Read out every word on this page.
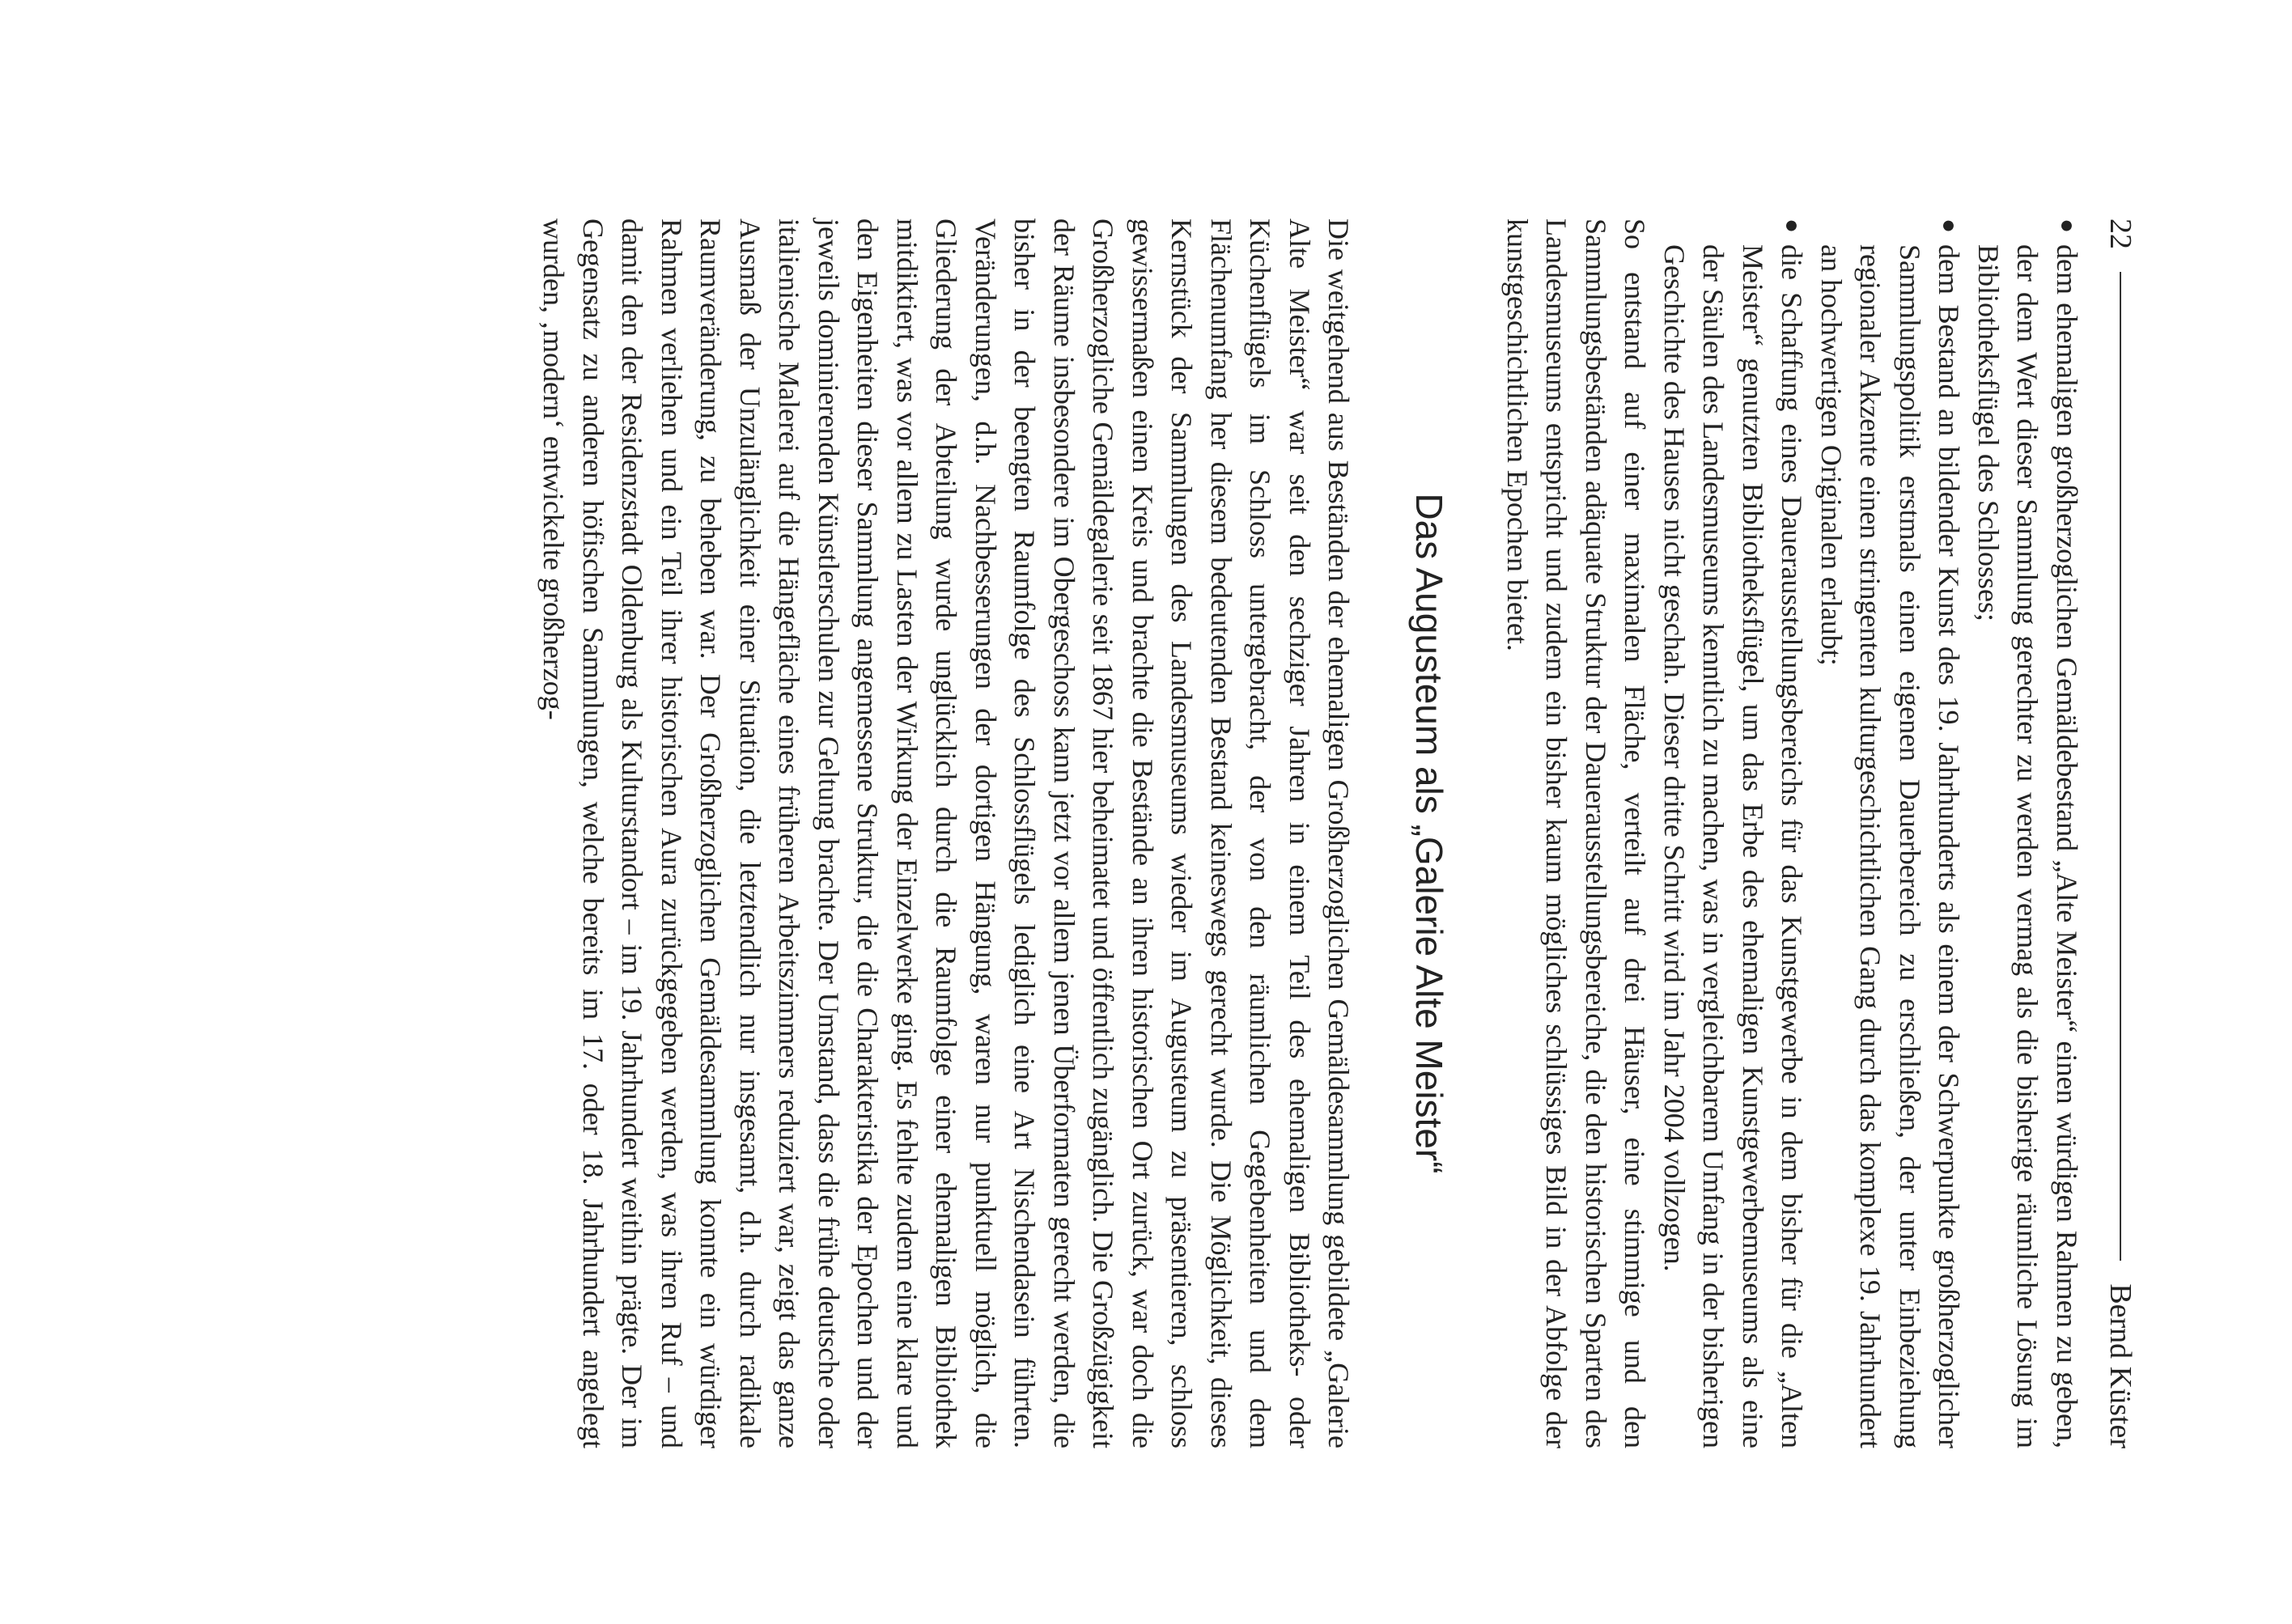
22
Bernd Küster
●
dem ehemaligen großherzoglichen Gemäldebestand „Alte Meister“ einen würdigen Rahmen zu geben, der dem Wert dieser Sammlung gerechter zu werden vermag als die bisherige räumliche Lösung im Bibliotheksflügel des Schlosses;
●
dem Bestand an bildender Kunst des 19. Jahrhunderts als einem der Schwerpunkte großherzoglicher Sammlungspolitik erstmals einen eigenen Dauerbereich zu erschließen, der unter Einbeziehung regionaler Akzente einen stringenten kulturgeschichtlichen Gang durch das komplexe 19. Jahrhundert an hochwertigen Originalen erlaubt;
●
die Schaffung eines Dauerausstellungsbereichs für das Kunstgewerbe in dem bisher für die „Alten Meister“ genutzten Bibliotheksflügel, um das Erbe des ehemaligen Kunstgewerbemuseums als eine der Säulen des Landesmuseums kenntlich zu machen, was in vergleichbarem Umfang in der bisherigen Geschichte des Hauses nicht geschah. Dieser dritte Schritt wird im Jahr 2004 vollzogen.

So entstand auf einer maximalen Fläche, verteilt auf drei Häuser, eine stimmige und den Sammlungsbeständen adäquate Struktur der Dauerausstellungsbereiche, die den historischen Sparten des Landesmuseums entspricht und zudem ein bisher kaum mögliches schlüssiges Bild in der Abfolge der kunstgeschichtlichen Epochen bietet.

Das Augusteum als „Galerie Alte Meister“

Die weitgehend aus Beständen der ehemaligen Großherzoglichen Gemäldesammlung gebildete „Galerie Alte Meister“ war seit den sechziger Jahren in einem Teil des ehemaligen Bibliotheks- oder Küchenflügels im Schloss untergebracht, der von den räumlichen Gegebenheiten und dem Flächenumfang her diesem bedeutenden Bestand keineswegs gerecht wurde. Die Möglichkeit, dieses Kernstück der Sammlungen des Landesmuseums wieder im Augusteum zu präsentieren, schloss gewissermaßen einen Kreis und brachte die Bestände an ihren historischen Ort zurück, war doch die Großherzogliche Gemäldegalerie seit 1867 hier beheimatet und öffentlich zugänglich. Die Großzügigkeit der Räume insbesondere im Obergeschoss kann jetzt vor allem jenen Überformaten gerecht werden, die bisher in der beengten Raumfolge des Schlossflügels lediglich eine Art Nischendasein führten. Veränderungen, d.h. Nachbesserungen der dortigen Hängung, waren nur punktuell möglich, die Gliederung der Abteilung wurde unglücklich durch die Raumfolge einer ehemaligen Bibliothek mitdiktiert, was vor allem zu Lasten der Wirkung der Einzelwerke ging. Es fehlte zudem eine klare und den Eigenheiten dieser Sammlung angemessene Struktur, die die Charakteristika der Epochen und der jeweils dominierenden Künstlerschulen zur Geltung brachte. Der Umstand, dass die frühe deutsche oder italienische Malerei auf die Hängefläche eines früheren Arbeitszimmers reduziert war, zeigt das ganze Ausmaß der Unzulänglichkeit einer Situation, die letztendlich nur insgesamt, d.h. durch radikale Raumveränderung, zu beheben war. Der Großherzoglichen Gemäldesammlung konnte ein würdiger Rahmen verliehen und ein Teil ihrer historischen Aura zurückgegeben werden, was ihren Ruf – und damit den der Residenzstadt Oldenburg als Kulturstandort – im 19. Jahrhundert weithin prägte. Der im Gegensatz zu anderen höfischen Sammlungen, welche bereits im 17. oder 18. Jahrhundert angelegt wurden, ‚modern‘ entwickelte großherzog-
